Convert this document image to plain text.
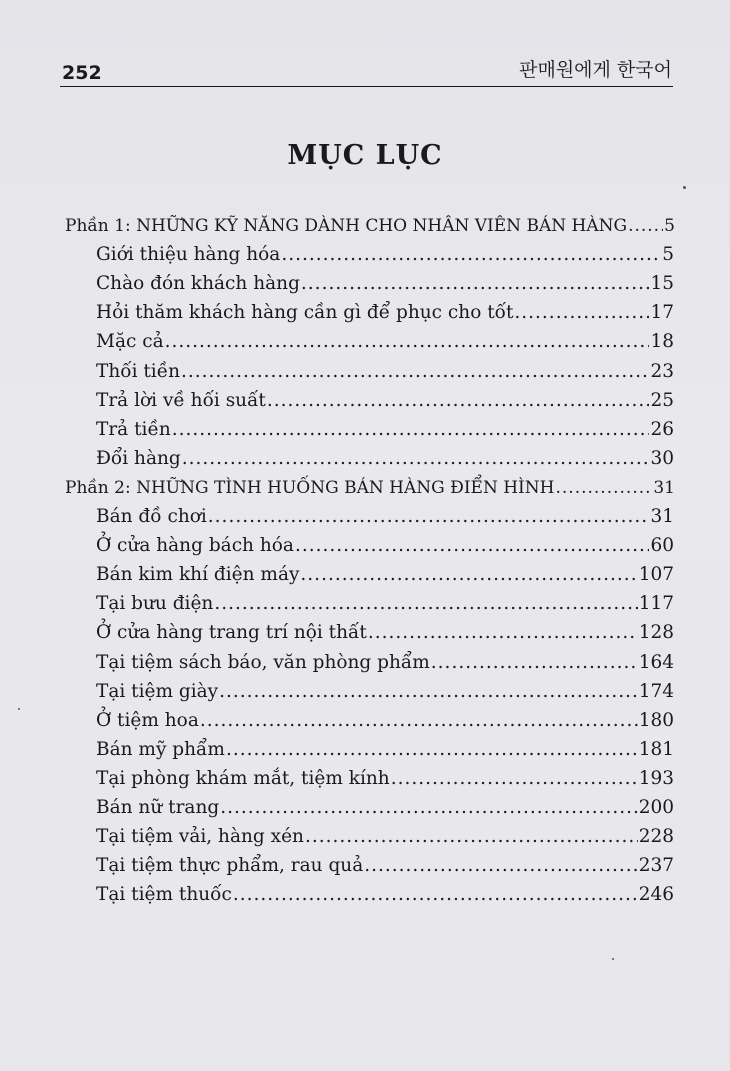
252	판매원에게 한국어
MỤC LỤC
Phần 1: NHỮNG KỸ NĂNG DÀNH CHO NHÂN VIÊN BÁN HÀNG ..... 5
Giới thiệu hàng hóa .....	5
Chào đón khách hàng .....	15
Hỏi thăm khách hàng cần gì để phục cho tốt .....	17
Mặc cả .....	18
Thối tiền .....	23
Trả lời về hối suất .....	25
Trả tiền .....	26
Đổi hàng .....	30
Phần 2: NHỮNG TÌNH HUỐNG BÁN HÀNG ĐIỂN HÌNH .....	31
Bán đồ chơi .....	31
Ở cửa hàng bách hóa .....	60
Bán kim khí điện máy .....	107
Tại bưu điện .....	117
Ở cửa hàng trang trí nội thất .....	128
Tại tiệm sách báo, văn phòng phẩm .....	164
Tại tiệm giày .....	174
Ở tiệm hoa .....	180
Bán mỹ phẩm .....	181
Tại phòng khám mắt, tiệm kính .....	193
Bán nữ trang .....	200
Tại tiệm vải, hàng xén .....	228
Tại tiệm thực phẩm, rau quả .....	237
Tại tiệm thuốc .....	246
